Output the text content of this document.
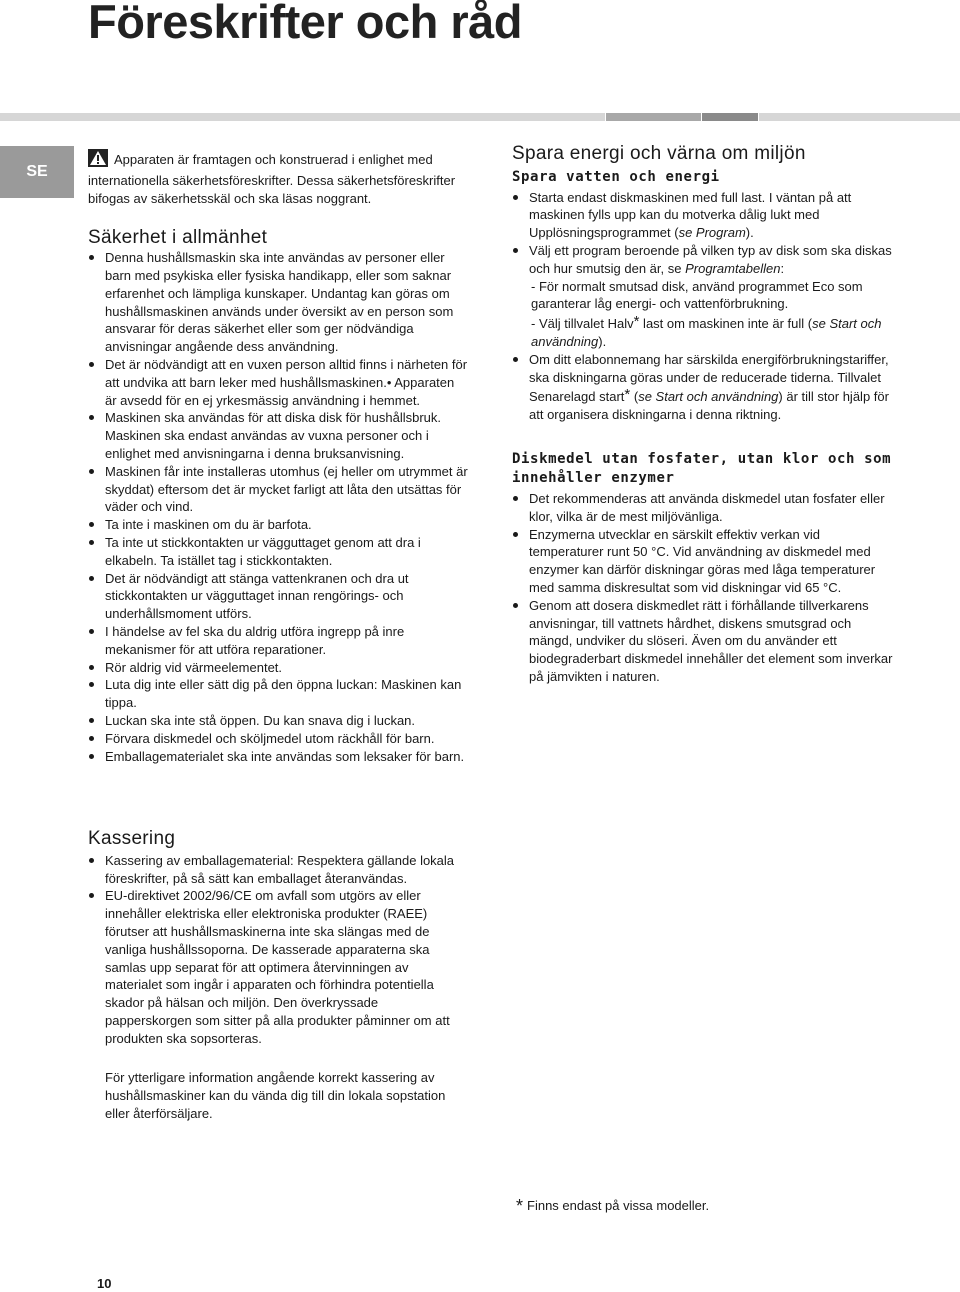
Föreskrifter och råd
SE

Apparaten är framtagen och konstruerad i enlighet med internationella säkerhetsföreskrifter. Dessa säkerhetsföreskrifter bifogas av säkerhetsskäl och ska läsas noggrant.

Säkerhet i allmänhet
Denna hushållsmaskin ska inte användas av personer eller barn med psykiska eller fysiska handikapp, eller som saknar erfarenhet och lämpliga kunskaper. Undantag kan göras om hushållsmaskinen används under översikt av en person som ansvarar för deras säkerhet eller som ger nödvändiga anvisningar angående dess användning.
Det är nödvändigt att en vuxen person alltid finns i närheten för att undvika att barn leker med hushållsmaskinen.• Apparaten är avsedd för en ej yrkesmässig användning i hemmet.
Maskinen ska användas för att diska disk för hushållsbruk. Maskinen ska endast användas av vuxna personer och i enlighet med anvisningarna i denna bruksanvisning.
Maskinen får inte installeras utomhus (ej heller om utrymmet är skyddat) eftersom det är mycket farligt att låta den utsättas för väder och vind.
Ta inte i maskinen om du är barfota.
Ta inte ut stickkontakten ur vägguttaget genom att dra i elkabeln. Ta istället tag i stickkontakten.
Det är nödvändigt att stänga vattenkranen och dra ut stickkontakten ur vägguttaget innan rengörings- och underhållsmoment utförs.
I händelse av fel ska du aldrig utföra ingrepp på inre mekanismer för att utföra reparationer.
Rör aldrig vid värmeelementet.
Luta dig inte eller sätt dig på den öppna luckan: Maskinen kan tippa.
Luckan ska inte stå öppen. Du kan snava dig i luckan.
Förvara diskmedel och sköljmedel utom räckhåll för barn.
Emballagematerialet ska inte användas som leksaker för barn.
Kassering
Kassering av emballagematerial: Respektera gällande lokala föreskrifter, på så sätt kan emballaget återanvändas.
EU-direktivet 2002/96/CE om avfall som utgörs av eller innehåller elektriska eller elektroniska produkter (RAEE) förutser att hushållsmaskinerna inte ska slängas med de vanliga hushållssoporna. De kasserade apparaterna ska samlas upp separat för att optimera återvinningen av materialet som ingår i apparaten och förhindra potentiella skador på hälsan och miljön. Den överkryssade papperskorgen som sitter på alla produkter påminner om att produkten ska sopsorteras.

För ytterligare information angående korrekt kassering av hushållsmaskiner kan du vända dig till din lokala sopstation eller återförsäljare.

Spara energi och värna om miljön
Spara vatten och energi
Starta endast diskmaskinen med full last. I väntan på att maskinen fylls upp kan du motverka dålig lukt med Upplösningsprogrammet (se Program).
Välj ett program beroende på vilken typ av disk som ska diskas och hur smutsig den är, se Programtabellen:
- För normalt smutsad disk, använd programmet Eco som garanterar låg energi- och vattenförbrukning.
- Välj tillvalet Halv* last om maskinen inte är full (se Start och användning).
Om ditt elabonnemang har särskilda energiförbrukningstariffer, ska diskningarna göras under de reducerade tiderna. Tillvalet Senarelagd start* (se Start och användning) är till stor hjälp för att organisera diskningarna i denna riktning.
Diskmedel utan fosfater, utan klor och som innehåller enzymer
Det rekommenderas att använda diskmedel utan fosfater eller klor, vilka är de mest miljövänliga.
Enzymerna utvecklar en särskilt effektiv verkan vid temperaturer runt 50 °C. Vid användning av diskmedel med enzymer kan därför diskningar göras med låga temperaturer med samma diskresultat som vid diskningar vid 65 °C.
Genom att dosera diskmedlet rätt i förhållande tillverkarens anvisningar, till vattnets hårdhet, diskens smutsgrad och mängd, undviker du slöseri. Även om du använder ett biodegraderbart diskmedel innehåller det element som inverkar på jämvikten i naturen.
* Finns endast på vissa modeller.
10
